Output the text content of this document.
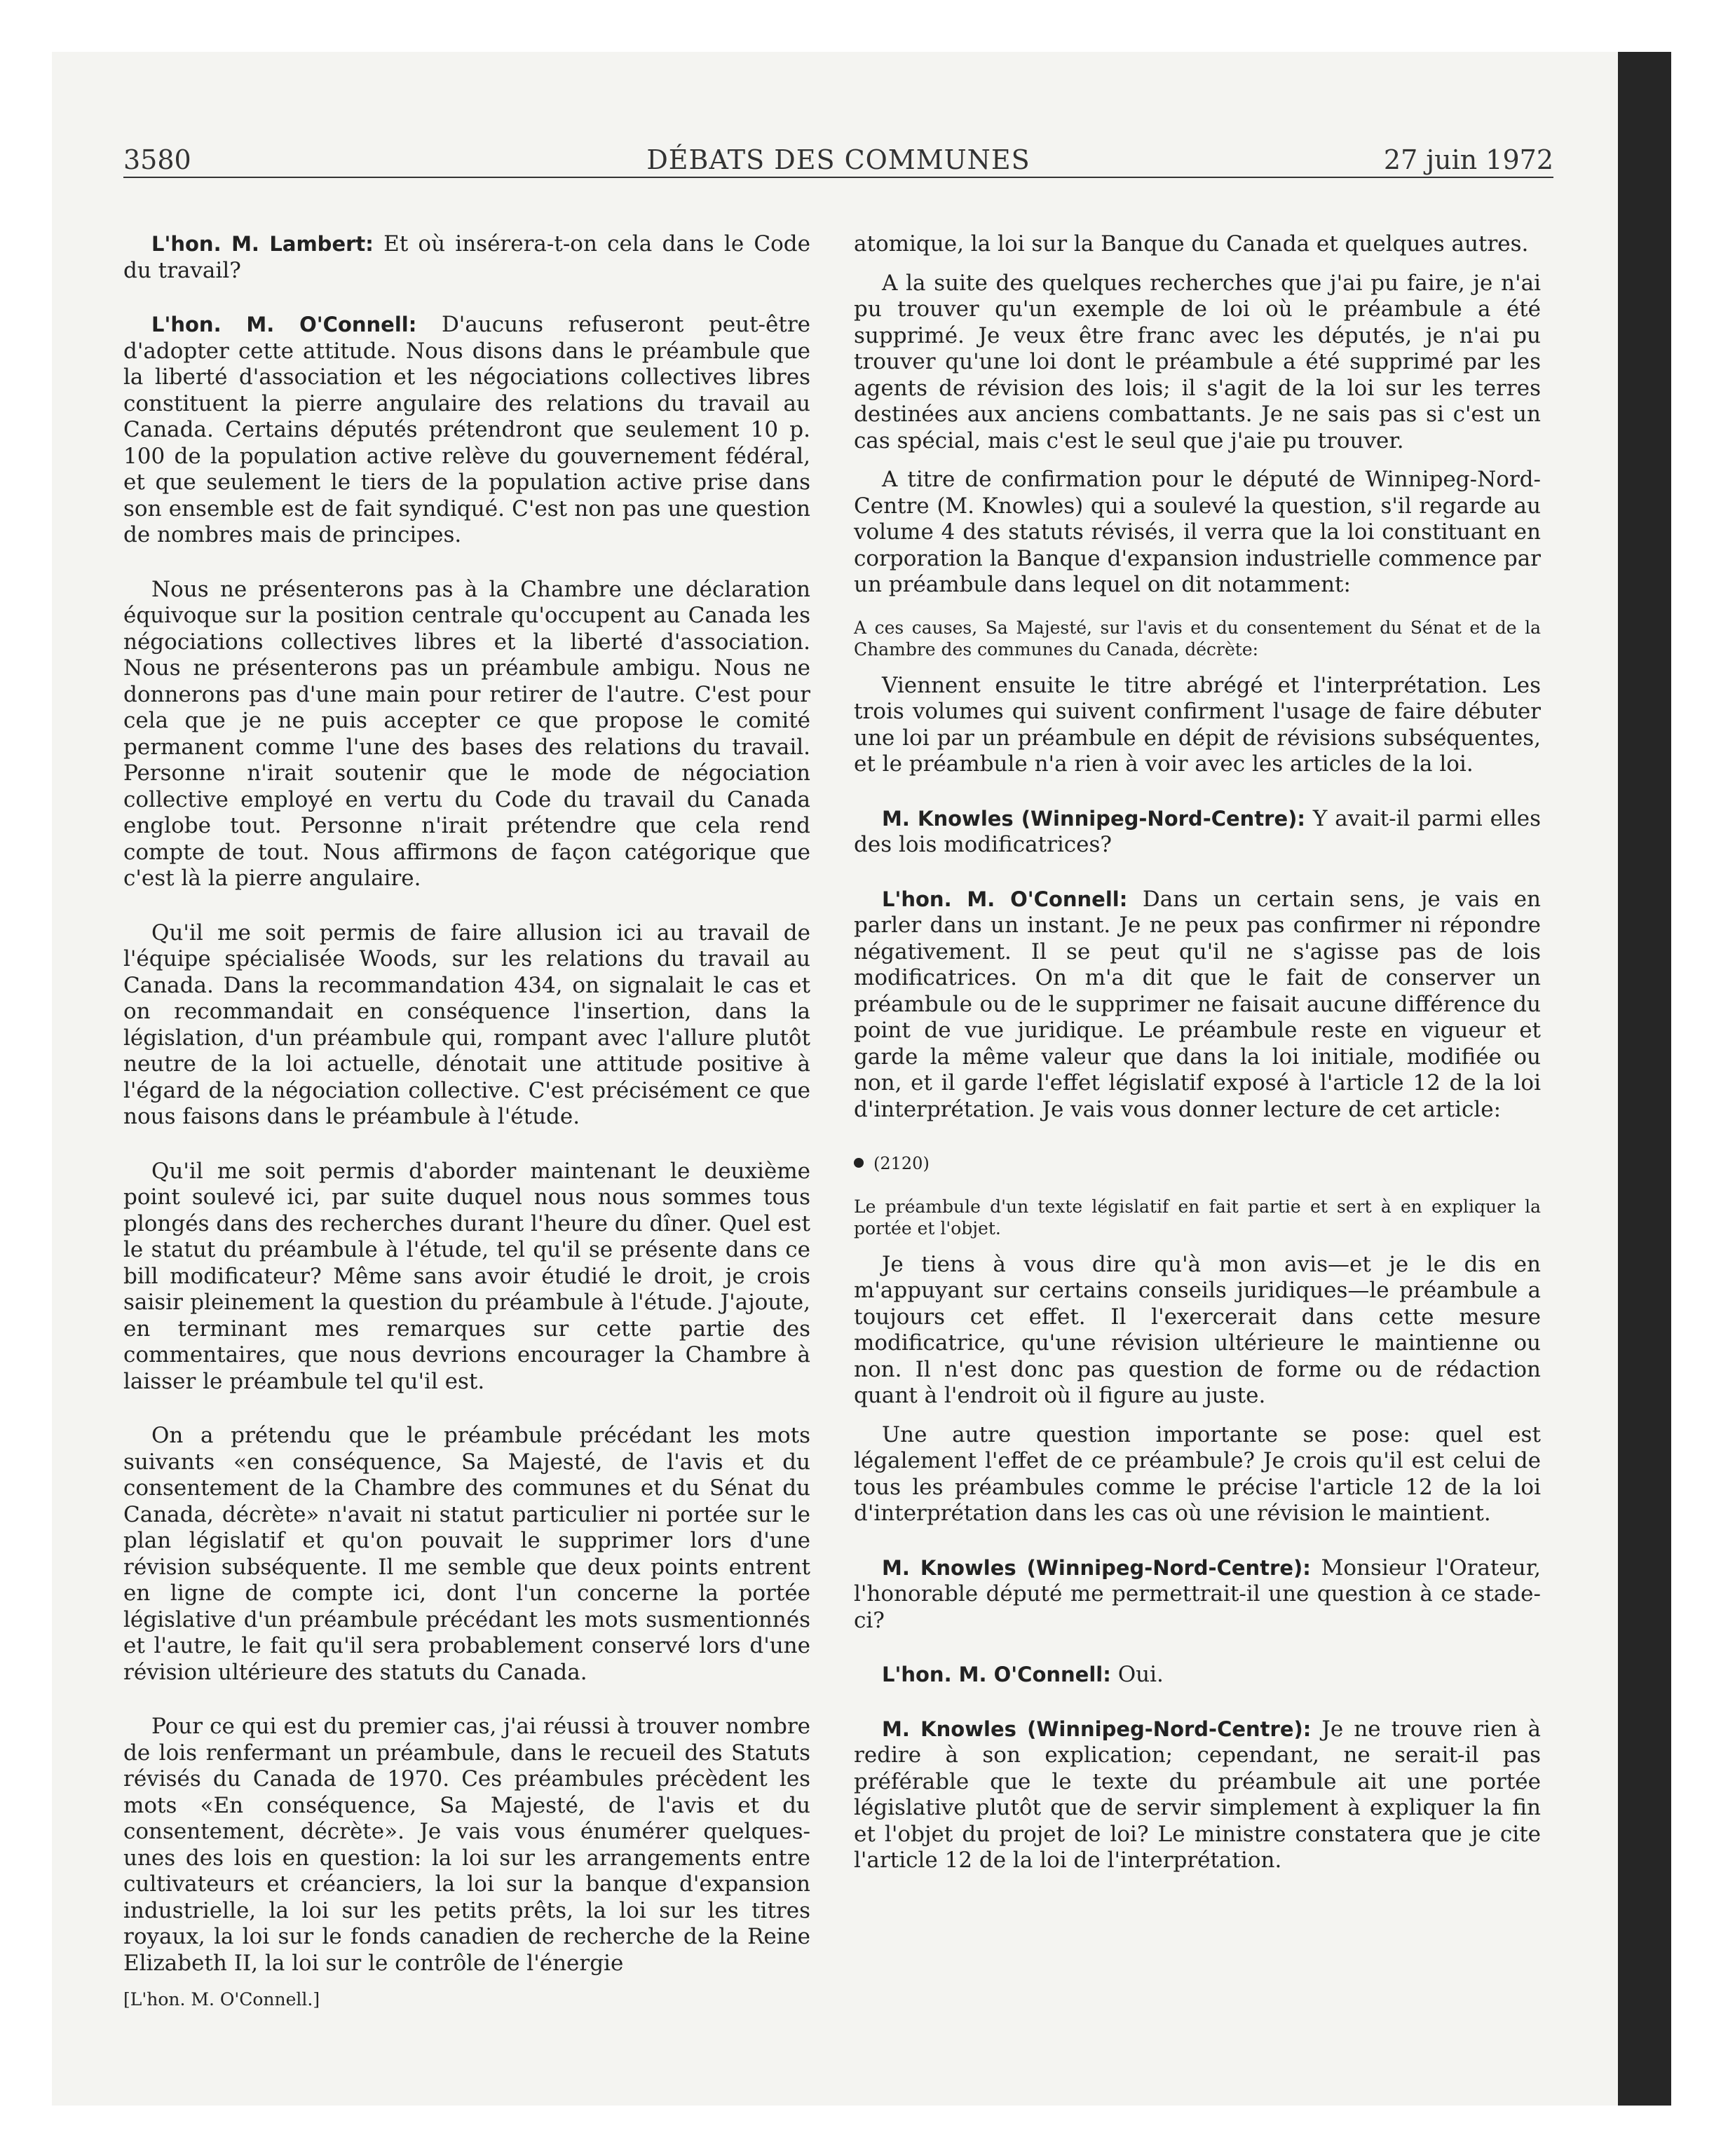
3580	DÉBATS DES COMMUNES	27 juin 1972

L'hon. M. Lambert: Et où insérera-t-on cela dans le Code du travail?

L'hon. M. O'Connell: D'aucuns refuseront peut-être d'adopter cette attitude. Nous disons dans le préambule que la liberté d'association et les négociations collectives libres constituent la pierre angulaire des relations du travail au Canada. Certains députés prétendront que seulement 10 p. 100 de la population active relève du gouvernement fédéral, et que seulement le tiers de la population active prise dans son ensemble est de fait syndiqué. C'est non pas une question de nombres mais de principes.

Nous ne présenterons pas à la Chambre une déclaration équivoque sur la position centrale qu'occupent au Canada les négociations collectives libres et la liberté d'association. Nous ne présenterons pas un préambule ambigu. Nous ne donnerons pas d'une main pour retirer de l'autre. C'est pour cela que je ne puis accepter ce que propose le comité permanent comme l'une des bases des relations du travail. Personne n'irait soutenir que le mode de négociation collective employé en vertu du Code du travail du Canada englobe tout. Personne n'irait prétendre que cela rend compte de tout. Nous affirmons de façon catégorique que c'est là la pierre angulaire.

Qu'il me soit permis de faire allusion ici au travail de l'équipe spécialisée Woods, sur les relations du travail au Canada. Dans la recommandation 434, on signalait le cas et on recommandait en conséquence l'insertion, dans la législation, d'un préambule qui, rompant avec l'allure plutôt neutre de la loi actuelle, dénotait une attitude positive à l'égard de la négociation collective. C'est précisément ce que nous faisons dans le préambule à l'étude.

Qu'il me soit permis d'aborder maintenant le deuxième point soulevé ici, par suite duquel nous nous sommes tous plongés dans des recherches durant l'heure du dîner. Quel est le statut du préambule à l'étude, tel qu'il se présente dans ce bill modificateur? Même sans avoir étudié le droit, je crois saisir pleinement la question du préambule à l'étude. J'ajoute, en terminant mes remarques sur cette partie des commentaires, que nous devrions encourager la Chambre à laisser le préambule tel qu'il est.

On a prétendu que le préambule précédant les mots suivants «en conséquence, Sa Majesté, de l'avis et du consentement de la Chambre des communes et du Sénat du Canada, décrète» n'avait ni statut particulier ni portée sur le plan législatif et qu'on pouvait le supprimer lors d'une révision subséquente. Il me semble que deux points entrent en ligne de compte ici, dont l'un concerne la portée législative d'un préambule précédant les mots susmentionnés et l'autre, le fait qu'il sera probablement conservé lors d'une révision ultérieure des statuts du Canada.

Pour ce qui est du premier cas, j'ai réussi à trouver nombre de lois renfermant un préambule, dans le recueil des Statuts révisés du Canada de 1970. Ces préambules précèdent les mots «En conséquence, Sa Majesté, de l'avis et du consentement, décrète». Je vais vous énumérer quelques-unes des lois en question: la loi sur les arrangements entre cultivateurs et créanciers, la loi sur la banque d'expansion industrielle, la loi sur les petits prêts, la loi sur les titres royaux, la loi sur le fonds canadien de recherche de la Reine Elizabeth II, la loi sur le contrôle de l'énergie

[L'hon. M. O'Connell.]

atomique, la loi sur la Banque du Canada et quelques autres.

A la suite des quelques recherches que j'ai pu faire, je n'ai pu trouver qu'un exemple de loi où le préambule a été supprimé. Je veux être franc avec les députés, je n'ai pu trouver qu'une loi dont le préambule a été supprimé par les agents de révision des lois; il s'agit de la loi sur les terres destinées aux anciens combattants. Je ne sais pas si c'est un cas spécial, mais c'est le seul que j'aie pu trouver.

A titre de confirmation pour le député de Winnipeg-Nord-Centre (M. Knowles) qui a soulevé la question, s'il regarde au volume 4 des statuts révisés, il verra que la loi constituant en corporation la Banque d'expansion industrielle commence par un préambule dans lequel on dit notamment:

A ces causes, Sa Majesté, sur l'avis et du consentement du Sénat et de la Chambre des communes du Canada, décrète:

Viennent ensuite le titre abrégé et l'interprétation. Les trois volumes qui suivent confirment l'usage de faire débuter une loi par un préambule en dépit de révisions subséquentes, et le préambule n'a rien à voir avec les articles de la loi.

M. Knowles (Winnipeg-Nord-Centre): Y avait-il parmi elles des lois modificatrices?

L'hon. M. O'Connell: Dans un certain sens, je vais en parler dans un instant. Je ne peux pas confirmer ni répondre négativement. Il se peut qu'il ne s'agisse pas de lois modificatrices. On m'a dit que le fait de conserver un préambule ou de le supprimer ne faisait aucune différence du point de vue juridique. Le préambule reste en vigueur et garde la même valeur que dans la loi initiale, modifiée ou non, et il garde l'effet législatif exposé à l'article 12 de la loi d'interprétation. Je vais vous donner lecture de cet article:

(2120)

Le préambule d'un texte législatif en fait partie et sert à en expliquer la portée et l'objet.

Je tiens à vous dire qu'à mon avis—et je le dis en m'appuyant sur certains conseils juridiques—le préambule a toujours cet effet. Il l'exercerait dans cette mesure modificatrice, qu'une révision ultérieure le maintienne ou non. Il n'est donc pas question de forme ou de rédaction quant à l'endroit où il figure au juste.

Une autre question importante se pose: quel est légalement l'effet de ce préambule? Je crois qu'il est celui de tous les préambules comme le précise l'article 12 de la loi d'interprétation dans les cas où une révision le maintient.

M. Knowles (Winnipeg-Nord-Centre): Monsieur l'Orateur, l'honorable député me permettrait-il une question à ce stade-ci?

L'hon. M. O'Connell: Oui.

M. Knowles (Winnipeg-Nord-Centre): Je ne trouve rien à redire à son explication; cependant, ne serait-il pas préférable que le texte du préambule ait une portée législative plutôt que de servir simplement à expliquer la fin et l'objet du projet de loi? Le ministre constatera que je cite l'article 12 de la loi de l'interprétation.
